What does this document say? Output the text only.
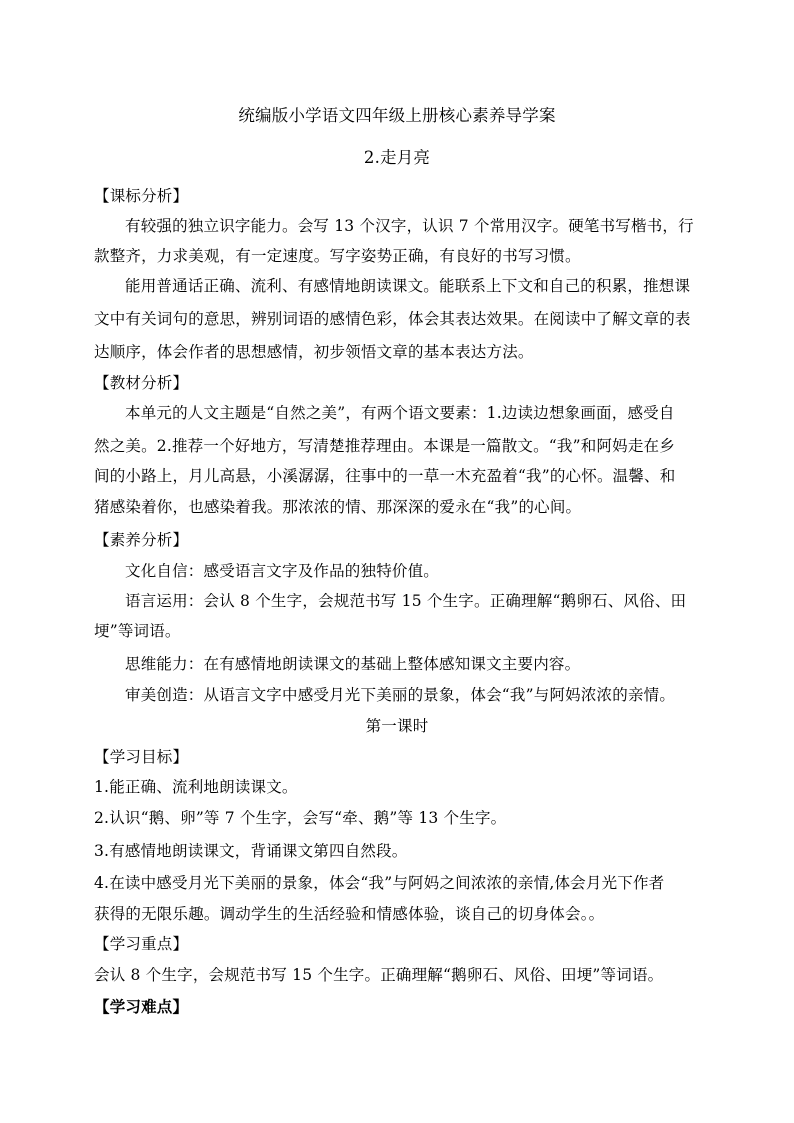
统编版小学语文四年级上册核心素养导学案
2.走月亮
【课标分析】
有较强的独立识字能力。会写 13 个汉字，认识 7 个常用汉字。硬笔书写楷书，行
款整齐，力求美观，有一定速度。写字姿势正确，有良好的书写习惯。
能用普通话正确、流利、有感情地朗读课文。能联系上下文和自己的积累，推想课
文中有关词句的意思，辨别词语的感情色彩，体会其表达效果。在阅读中了解文章的表
达顺序，体会作者的思想感情，初步领悟文章的基本表达方法。
【教材分析】
本单元的人文主题是“自然之美”，有两个语文要素：1.边读边想象画面，感受自
然之美。2.推荐一个好地方，写清楚推荐理由。本课是一篇散文。“我”和阿妈走在乡
间的小路上，月儿高悬，小溪潺潺，往事中的一草一木充盈着“我”的心怀。温馨、和
猪感染着你，也感染着我。那浓浓的情、那深深的爱永在“我”的心间。
【素养分析】
文化自信：感受语言文字及作品的独特价值。
语言运用：会认 8 个生字，会规范书写 15 个生字。正确理解“鹅卵石、风俗、田
埂”等词语。
思维能力：在有感情地朗读课文的基础上整体感知课文主要内容。
审美创造：从语言文字中感受月光下美丽的景象，体会“我”与阿妈浓浓的亲情。
第一课时
【学习目标】
1.能正确、流利地朗读课文。
2.认识“鹅、卵”等 7 个生字，会写“牵、鹅”等 13 个生字。
3.有感情地朗读课文，背诵课文第四自然段。
4.在读中感受月光下美丽的景象，体会“我”与阿妈之间浓浓的亲情,体会月光下作者
获得的无限乐趣。调动学生的生活经验和情感体验，谈自己的切身体会。。
【学习重点】
会认 8 个生字，会规范书写 15 个生字。正确理解“鹅卵石、风俗、田埂”等词语。
【学习难点】
